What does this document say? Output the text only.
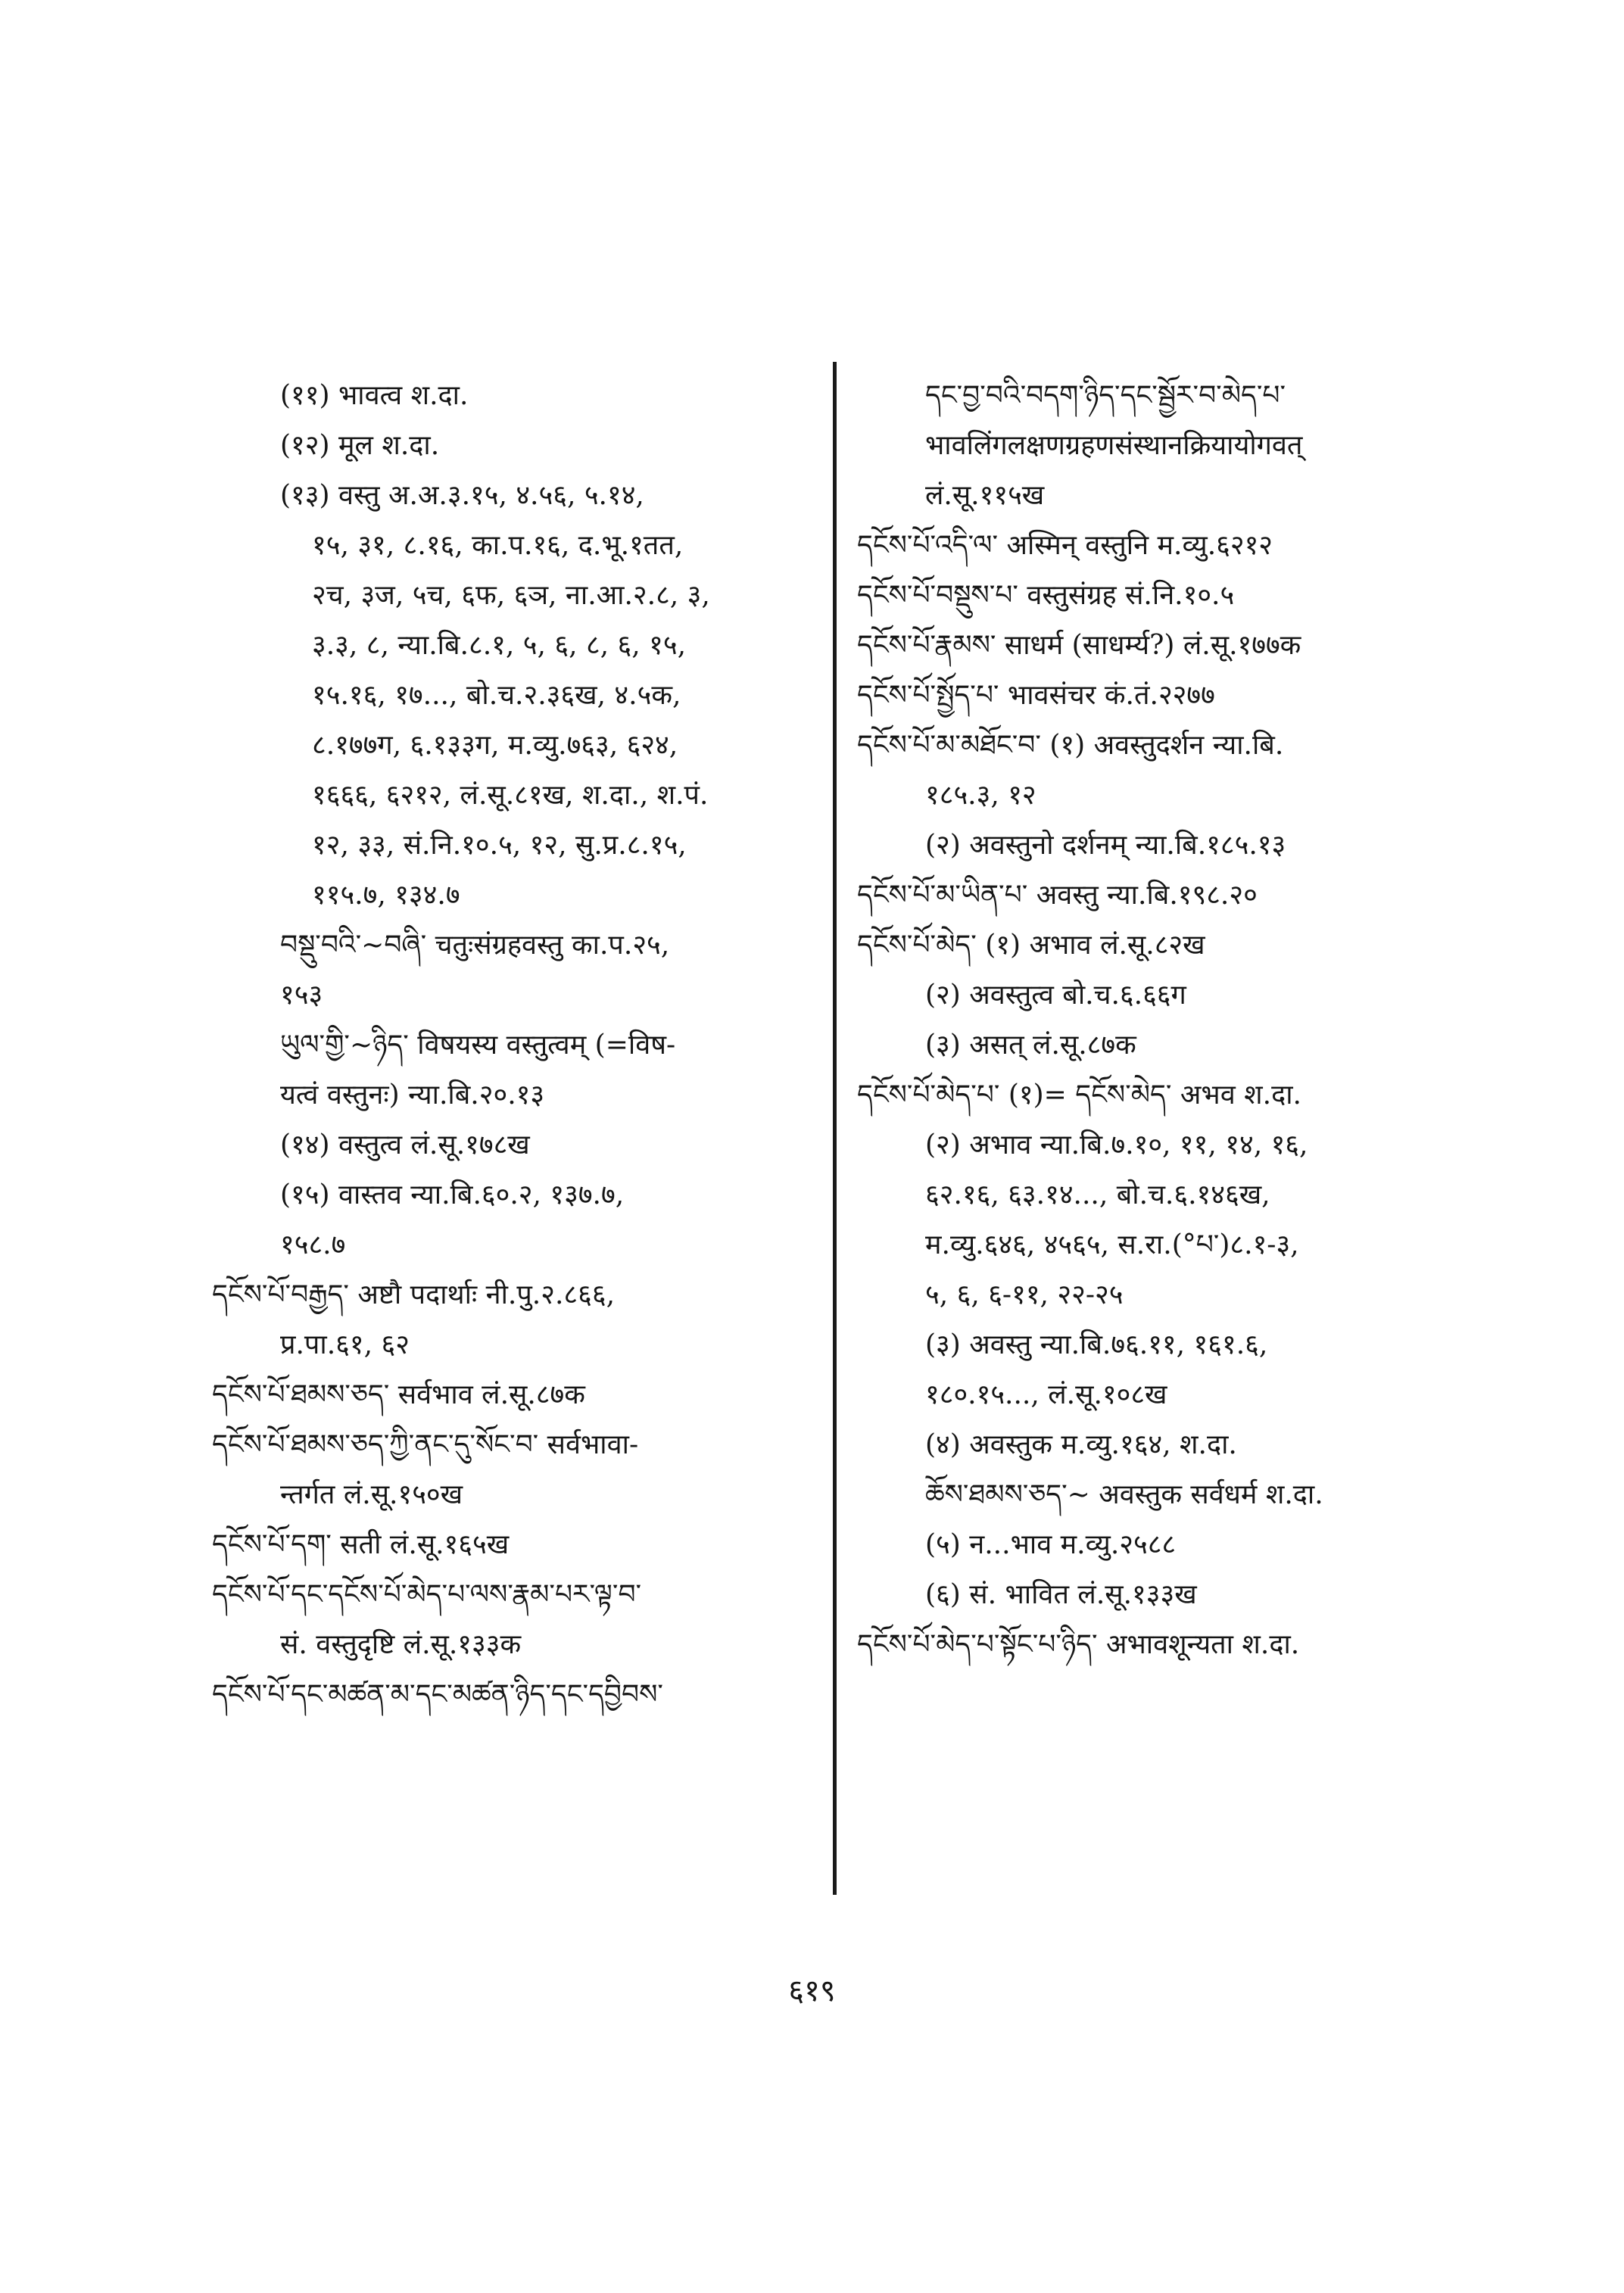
(११) भावत्व श.दा.
(१२) मूल श.दा.
(१३) वस्तु अ.अ.३.१५, ४.५६, ५.१४,
१५, ३१, ८.१६, का.प.१६, द.भू.१तत,
२च, ३ज, ५च, ६फ, ६ञ, ना.आ.२.८, ३,
३.३, ८, न्या.बि.८.१, ५, ६, ८, ६, १५,
१५.१६, १७..., बो.च.२.३६ख, ४.५क,
८.१७७ग, ६.१३३ग, म.व्यु.७६३, ६२४,
१६६६, ६२१२, लं.सू.८१ख, श.दा., श.पं.
१२, ३३, सं.नि.१०.५, १२, सु.प्र.८.१५,
११५.७, १३४.७
བསྡུ་བའི་~བཞི་ चतुःसंग्रहवस्तु का.प.२५,
१५३
ཡུལ་གྱི་~ཉིད་ विषयस्य वस्तुत्वम् (=विष-
यत्वं वस्तुनः) न्या.बि.२०.१३
(१४) वस्तुत्व लं.सू.१७८ख
(१५) वास्तव न्या.बि.६०.२, १३७.७,
१५८.७
དངོས་པོ་བརྒྱད་ अष्टौ पदार्थाः नी.पु.२.८६६,
प्र.पा.६१, ६२
དངོས་པོ་ཐམས་ཅད་ सर्वभाव लं.सू.८७क
དངོས་པོ་ཐམས་ཅད་ཀྱི་ནང་དུ་སོང་བ་ सर्वभावा-
न्तर्गत लं.सू.१५०ख
དངོས་པོ་དག་ सती लं.सू.१६५ख
དངོས་པོ་དང་དངོས་པོ་མེད་པ་ལས་རྣམ་པར་ལྟ་བ་
सं. वस्तुदृष्टि लं.सू.१३३क
དངོས་པོ་དང་མཚན་མ་དང་མཚན་ཉིད་དང་དབྱིབས་
དང་བྱ་བའི་བདག་ཉིད་དང་སྦྱོར་བ་མེད་པ་
भावलिंगलक्षणग्रहणसंस्थानक्रियायोगवत्
लं.सू.११५ख
དངོས་པོ་འདི་ལ་ अस्मिन् वस्तुनि म.व्यु.६२१२
དངོས་པོ་བསྡུས་པ་ वस्तुसंग्रह सं.नि.१०.५
དངོས་པོ་རྣམས་ साधर्म (साधर्म्य?) लं.सू.१७७क
དངོས་པོ་སྤྱོད་པ་ भावसंचर कं.तं.२२७७
དངོས་པོ་མ་མཐོང་བ་ (१) अवस्तुदर्शन न्या.बि.
१८५.३, १२
(२) अवस्तुनो दर्शनम् न्या.बि.१८५.१३
དངོས་པོ་མ་ཡིན་པ་ अवस्तु न्या.बि.१९८.२०
དངོས་པོ་མེད་ (१) अभाव लं.सू.८२ख
(२) अवस्तुत्व बो.च.६.६६ग
(३) असत् लं.सू.८७क
དངོས་པོ་མེད་པ་ (१)= དངོས་མེད་ अभव श.दा.
(२) अभाव न्या.बि.७.१०, ११, १४, १६,
६२.१६, ६३.१४..., बो.च.६.१४६ख,
म.व्यु.६४६, ४५६५, स.रा.(°པ་)८.१-३,
५, ६, ६-११, २२-२५
(३) अवस्तु न्या.बि.७६.११, १६१.६,
१८०.१५..., लं.सू.१०८ख
(४) अवस्तुक म.व्यु.१६४, श.दा.
ཆོས་ཐམས་ཅད་~ अवस्तुक सर्वधर्म श.दा.
(५) न...भाव म.व्यु.२५८८
(६) सं. भावित लं.सू.१३३ख
དངོས་པོ་མེད་པ་སྟོང་པ་ཉིད་ अभावशून्यता श.दा.
६१९
